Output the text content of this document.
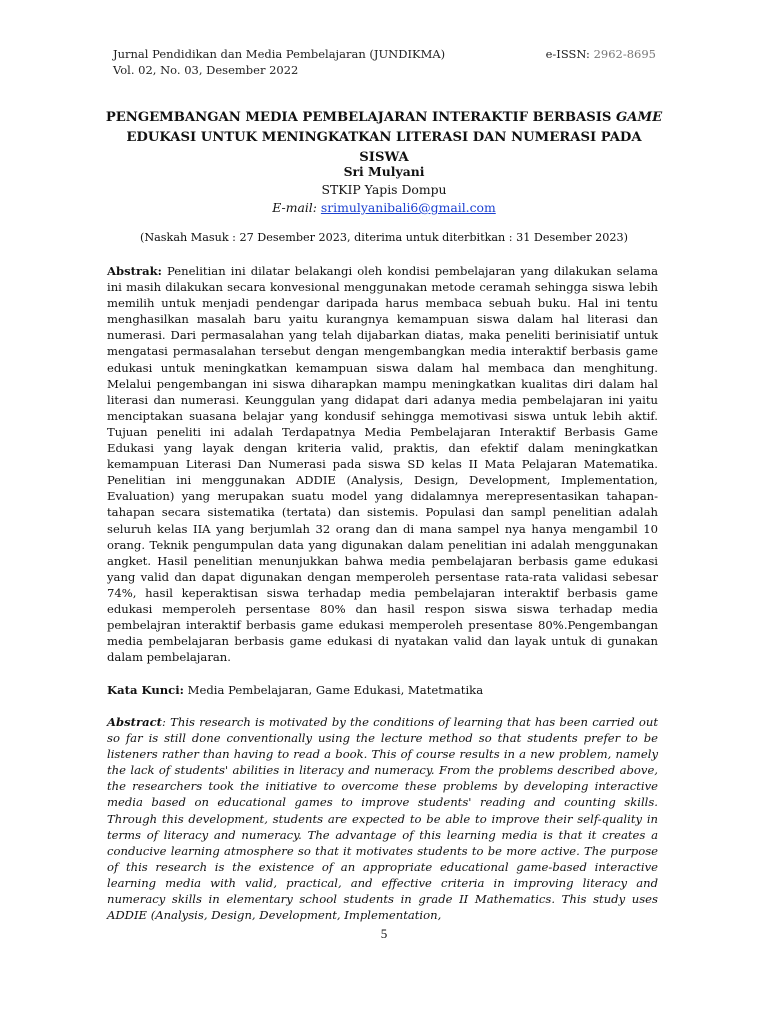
Jurnal Pendidikan dan Media Pembelajaran (JUNDIKMA)
Vol. 02, No. 03, Desember 2022
e-ISSN: 2962-8695
PENGEMBANGAN MEDIA PEMBELAJARAN INTERAKTIF BERBASIS GAME
EDUKASI UNTUK MENINGKATKAN LITERASI DAN NUMERASI PADA SISWA
Sri Mulyani
STKIP Yapis Dompu
E-mail: srimulyanibali6@gmail.com
(Naskah Masuk : 27 Desember 2023, diterima untuk diterbitkan : 31 Desember 2023)

Abstrak: Penelitian ini dilatar belakangi oleh kondisi pembelajaran yang dilakukan selama ini masih dilakukan secara konvesional menggunakan metode ceramah sehingga siswa lebih memilih untuk menjadi pendengar daripada harus membaca sebuah buku. Hal ini tentu menghasilkan masalah baru yaitu kurangnya kemampuan siswa dalam hal literasi dan numerasi. Dari permasalahan yang telah dijabarkan diatas, maka peneliti berinisiatif untuk mengatasi permasalahan tersebut dengan mengembangkan media interaktif berbasis game edukasi untuk meningkatkan kemampuan siswa dalam hal membaca dan menghitung. Melalui pengembangan ini siswa diharapkan mampu meningkatkan kualitas diri dalam hal literasi dan numerasi. Keunggulan yang didapat dari adanya media pembelajaran ini yaitu menciptakan suasana belajar yang kondusif sehingga memotivasi siswa untuk lebih aktif. Tujuan peneliti ini adalah Terdapatnya Media Pembelajaran Interaktif Berbasis Game Edukasi yang layak dengan kriteria valid, praktis, dan efektif dalam meningkatkan kemampuan Literasi Dan Numerasi pada siswa SD kelas II Mata Pelajaran Matematika. Penelitian ini menggunakan ADDIE (Analysis, Design, Development, Implementation, Evaluation) yang merupakan suatu model yang didalamnya merepresentasikan tahapan-tahapan secara sistematika (tertata) dan sistemis. Populasi dan sampl penelitian adalah seluruh kelas IIA yang berjumlah 32 orang dan di mana sampel nya hanya mengambil 10 orang. Teknik pengumpulan data yang digunakan dalam penelitian ini adalah menggunakan angket. Hasil penelitian menunjukkan bahwa media pembelajaran berbasis game edukasi yang valid dan dapat digunakan dengan memperoleh persentase rata-rata validasi sebesar 74%, hasil keperaktisan siswa terhadap media pembelajaran interaktif berbasis game edukasi memperoleh persentase 80% dan hasil respon siswa siswa terhadap media pembelajran interaktif berbasis game edukasi memperoleh presentase 80%.Pengembangan media pembelajaran berbasis game edukasi di nyatakan valid dan layak untuk di gunakan dalam pembelajaran.

Kata Kunci: Media Pembelajaran, Game Edukasi, Matetmatika

Abstract: This research is motivated by the conditions of learning that has been carried out so far is still done conventionally using the lecture method so that students prefer to be listeners rather than having to read a book. This of course results in a new problem, namely the lack of students' abilities in literacy and numeracy. From the problems described above, the researchers took the initiative to overcome these problems by developing interactive media based on educational games to improve students' reading and counting skills. Through this development, students are expected to be able to improve their self-quality in terms of literacy and numeracy. The advantage of this learning media is that it creates a conducive learning atmosphere so that it motivates students to be more active. The purpose of this research is the existence of an appropriate educational game-based interactive learning media with valid, practical, and effective criteria in improving literacy and numeracy skills in elementary school students in grade II Mathematics. This study uses ADDIE (Analysis, Design, Development, Implementation,

5
